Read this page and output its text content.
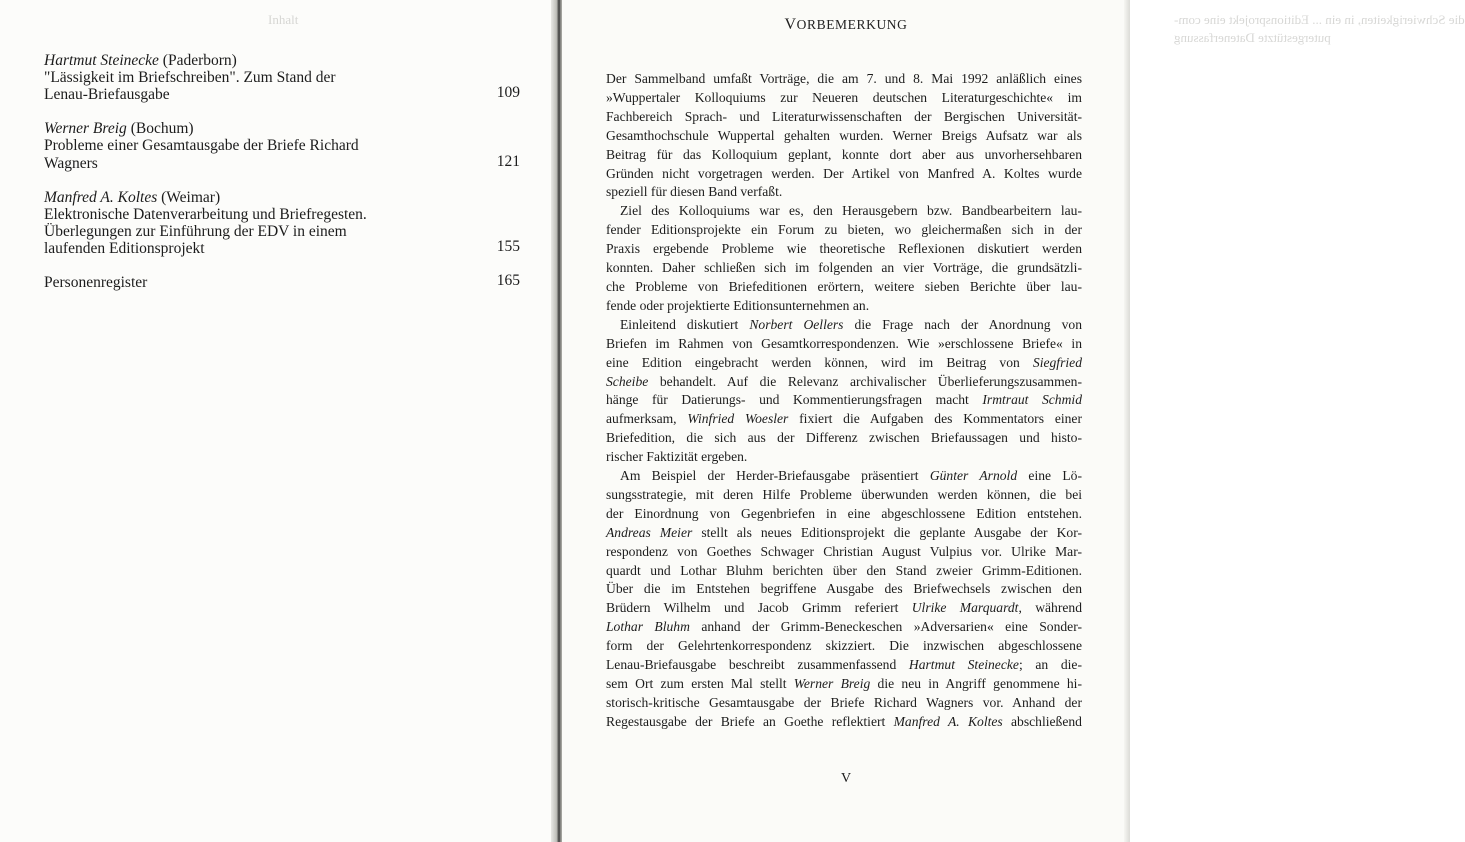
Inhalt
Hartmut Steinecke (Paderborn)
"Lässigkeit im Briefschreiben". Zum Stand der
Lenau-Briefausgabe	109
Werner Breig (Bochum)
Probleme einer Gesamtausgabe der Briefe Richard
Wagners	121
Manfred A. Koltes (Weimar)
Elektronische Datenverarbeitung und Briefregesten.
Überlegungen zur Einführung der EDV in einem
laufenden Editionsprojekt	155
Personenregister	165
die Schwierigkeiten, in ein ... Editionsprojekt eine com-
putergestützte Datenerfassung
VORBEMERKUNG
Der Sammelband umfaßt Vorträge, die am 7. und 8. Mai 1992 anläßlich eines
»Wuppertaler Kolloquiums zur Neueren deutschen Literaturgeschichte« im
Fachbereich Sprach- und Literaturwissenschaften der Bergischen Universität-
Gesamthochschule Wuppertal gehalten wurden. Werner Breigs Aufsatz war als
Beitrag für das Kolloquium geplant, konnte dort aber aus unvorhersehbaren
Gründen nicht vorgetragen werden. Der Artikel von Manfred A. Koltes wurde
speziell für diesen Band verfaßt.
Ziel des Kolloquiums war es, den Herausgebern bzw. Bandbearbeitern lau-
fender Editionsprojekte ein Forum zu bieten, wo gleichermaßen sich in der
Praxis ergebende Probleme wie theoretische Reflexionen diskutiert werden
konnten. Daher schließen sich im folgenden an vier Vorträge, die grundsätzli-
che Probleme von Briefeditionen erörtern, weitere sieben Berichte über lau-
fende oder projektierte Editionsunternehmen an.
Einleitend diskutiert Norbert Oellers die Frage nach der Anordnung von
Briefen im Rahmen von Gesamtkorrespondenzen. Wie »erschlossene Briefe« in
eine Edition eingebracht werden können, wird im Beitrag von Siegfried
Scheibe behandelt. Auf die Relevanz archivalischer Überlieferungszusammen-
hänge für Datierungs- und Kommentierungsfragen macht Irmtraut Schmid
aufmerksam, Winfried Woesler fixiert die Aufgaben des Kommentators einer
Briefedition, die sich aus der Differenz zwischen Briefaussagen und histo-
rischer Faktizität ergeben.
Am Beispiel der Herder-Briefausgabe präsentiert Günter Arnold eine Lö-
sungsstrategie, mit deren Hilfe Probleme überwunden werden können, die bei
der Einordnung von Gegenbriefen in eine abgeschlossene Edition entstehen.
Andreas Meier stellt als neues Editionsprojekt die geplante Ausgabe der Kor-
respondenz von Goethes Schwager Christian August Vulpius vor. Ulrike Mar-
quardt und Lothar Bluhm berichten über den Stand zweier Grimm-Editionen.
Über die im Entstehen begriffene Ausgabe des Briefwechsels zwischen den
Brüdern Wilhelm und Jacob Grimm referiert Ulrike Marquardt, während
Lothar Bluhm anhand der Grimm-Beneckeschen »Adversarien« eine Sonder-
form der Gelehrtenkorrespondenz skizziert. Die inzwischen abgeschlossene
Lenau-Briefausgabe beschreibt zusammenfassend Hartmut Steinecke; an die-
sem Ort zum ersten Mal stellt Werner Breig die neu in Angriff genommene hi-
storisch-kritische Gesamtausgabe der Briefe Richard Wagners vor. Anhand der
Regestausgabe der Briefe an Goethe reflektiert Manfred A. Koltes abschließend
V
